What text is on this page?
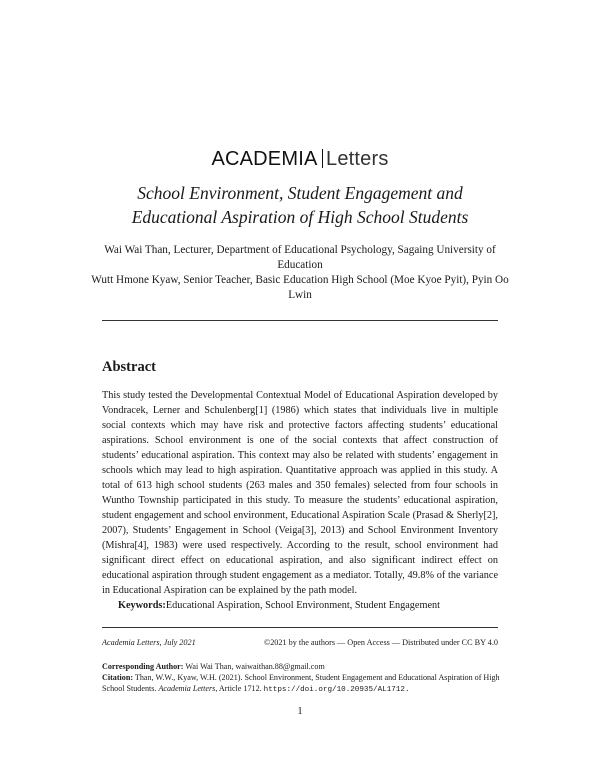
ACADEMIA Letters
School Environment, Student Engagement and
Educational Aspiration of High School Students
Wai Wai Than, Lecturer, Department of Educational Psychology, Sagaing University of Education
Wutt Hmone Kyaw, Senior Teacher, Basic Education High School (Moe Kyoe Pyit), Pyin Oo Lwin
Abstract

This study tested the Developmental Contextual Model of Educational Aspiration developed by Vondracek, Lerner and Schulenberg[1] (1986) which states that individuals live in multiple social contexts which may have risk and protective factors affecting students’ educational aspirations. School environment is one of the social contexts that affect construction of students’ educational aspiration. This context may also be related with students’ engagement in schools which may lead to high aspiration. Quantitative approach was applied in this study. A total of 613 high school students (263 males and 350 females) selected from four schools in Wuntho Township participated in this study. To measure the students’ educational aspiration, student engagement and school environment, Educational Aspiration Scale (Prasad & Sherly[2], 2007), Students’ Engagement in School (Veiga[3], 2013) and School Environment Inventory (Mishra[4], 1983) were used respectively. According to the result, school environment had significant direct effect on educational aspiration, and also significant indirect effect on educational aspiration through student engagement as a mediator. Totally, 49.8% of the variance in Educational Aspiration can be explained by the path model.

Keywords:Educational Aspiration, School Environment, Student Engagement
Academia Letters, July 2021	©2021 by the authors — Open Access — Distributed under CC BY 4.0
Corresponding Author: Wai Wai Than, waiwaithan.88@gmail.com
Citation: Than, W.W., Kyaw, W.H. (2021). School Environment, Student Engagement and Educational Aspiration of High School Students. Academia Letters, Article 1712. https://doi.org/10.20935/AL1712.
1
